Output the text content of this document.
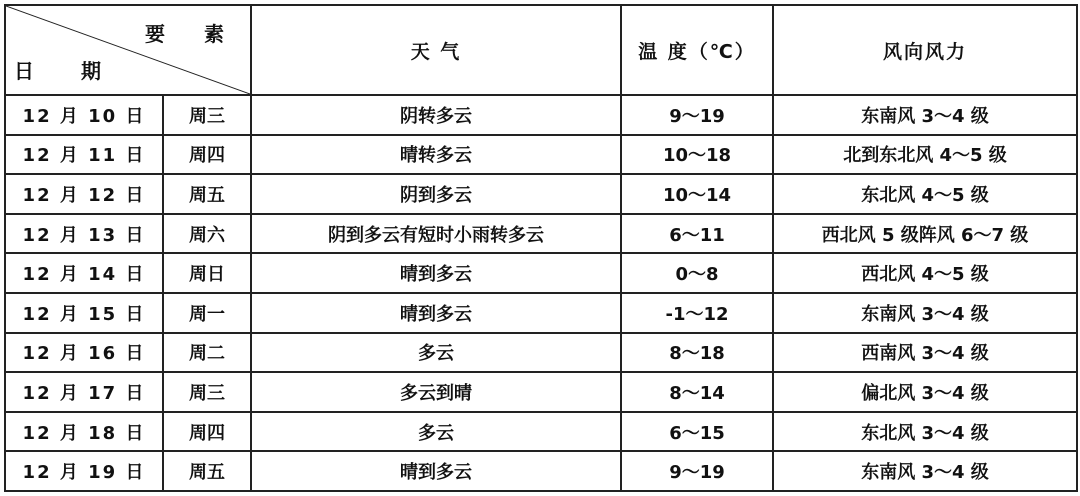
要 素
日 期		天 气	温 度（℃）	风向风力
12 月 10 日	周三	阴转多云	9～19	东南风 3～4 级
12 月 11 日	周四	晴转多云	10～18	北到东北风 4～5 级
12 月 12 日	周五	阴到多云	10～14	东北风 4～5 级
12 月 13 日	周六	阴到多云有短时小雨转多云	6～11	西北风 5 级阵风 6～7 级
12 月 14 日	周日	晴到多云	0～8	西北风 4～5 级
12 月 15 日	周一	晴到多云	-1～12	东南风 3～4 级
12 月 16 日	周二	多云	8～18	西南风 3～4 级
12 月 17 日	周三	多云到晴	8～14	偏北风 3～4 级
12 月 18 日	周四	多云	6～15	东北风 3～4 级
12 月 19 日	周五	晴到多云	9～19	东南风 3～4 级
